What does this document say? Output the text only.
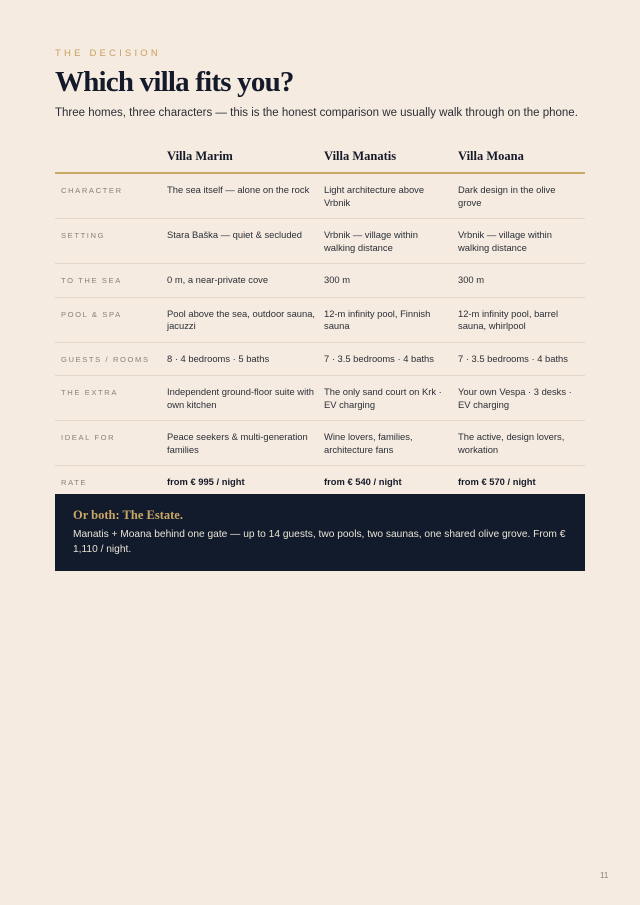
THE DECISION
Which villa fits you?
Three homes, three characters — this is the honest comparison we usually walk through on the phone.
	Villa Marim	Villa Manatis	Villa Moana
CHARACTER	The sea itself — alone on the rock	Light architecture above Vrbnik	Dark design in the olive grove
SETTING	Stara Baška — quiet & secluded	Vrbnik — village within walking distance	Vrbnik — village within walking distance
TO THE SEA	0 m, a near-private cove	300 m	300 m
POOL & SPA	Pool above the sea, outdoor sauna, jacuzzi	12-m infinity pool, Finnish sauna	12-m infinity pool, barrel sauna, whirlpool
GUESTS / ROOMS	8 · 4 bedrooms · 5 baths	7 · 3.5 bedrooms · 4 baths	7 · 3.5 bedrooms · 4 baths
THE EXTRA	Independent ground-floor suite with own kitchen	The only sand court on Krk · EV charging	Your own Vespa · 3 desks · EV charging
IDEAL FOR	Peace seekers & multi-generation families	Wine lovers, families, architecture fans	The active, design lovers, workation
RATE	from € 995 / night	from € 540 / night	from € 570 / night
Or both: The Estate.
Manatis + Moana behind one gate — up to 14 guests, two pools, two saunas, one shared olive grove. From € 1,110 / night.
11
